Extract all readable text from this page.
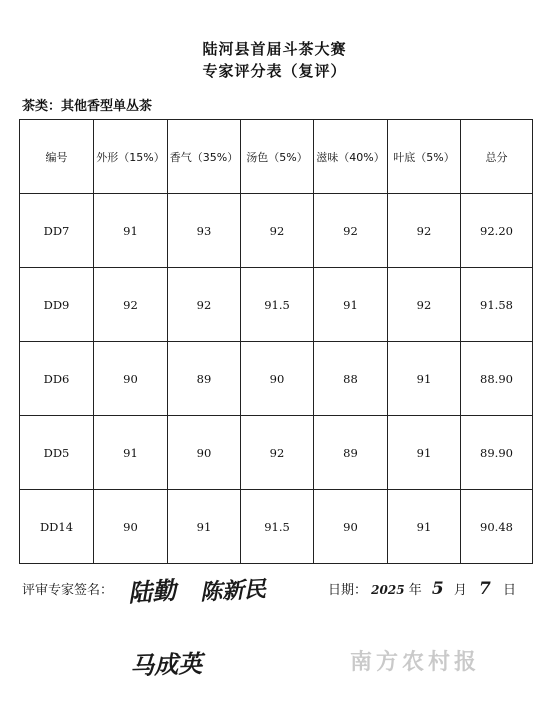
陆河县首届斗茶大赛
专家评分表（复评）
茶类：其他香型单丛茶
编号	外形（15%）	香气（35%）	汤色（5%）	滋味（40%）	叶底（5%）	总分
DD7	91	93	92	92	92	92.20
DD9	92	92	91.5	91	92	91.58
DD6	90	89	90	88	91	88.90
DD5	91	90	92	89	91	89.90
DD14	90	91	91.5	90	91	90.48
评审专家签名： 陆勤 陈新民
马成英
日期： 2025 年 5 月 7 日
南方农村报
